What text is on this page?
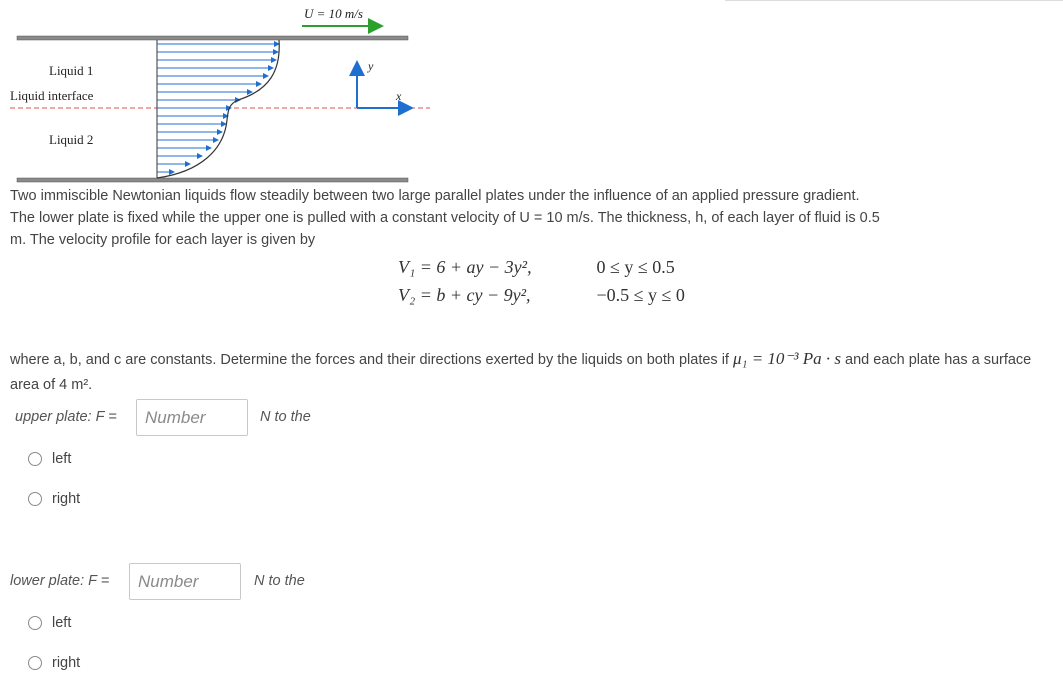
U = 10 m/s
y
x
Liquid 1
Liquid interface
Liquid 2
Two immiscible Newtonian liquids flow steadily between two large parallel plates under the influence of an applied pressure gradient. The lower plate is fixed while the upper one is pulled with a constant velocity of U = 10 m/s. The thickness, h, of each layer of fluid is 0.5 m. The velocity profile for each layer is given by
V₁ = 6 + ay − 3y²,	0 ≤ y ≤ 0.5
V₂ = b + cy − 9y²,	−0.5 ≤ y ≤ 0
where a, b, and c are constants. Determine the forces and their directions exerted by the liquids on both plates if μ₁ = 10⁻³ Pa · s and each plate has a surface area of 4 m².
upper plate: F =
Number	N to the
left
right
lower plate: F =
Number	N to the
left
right
